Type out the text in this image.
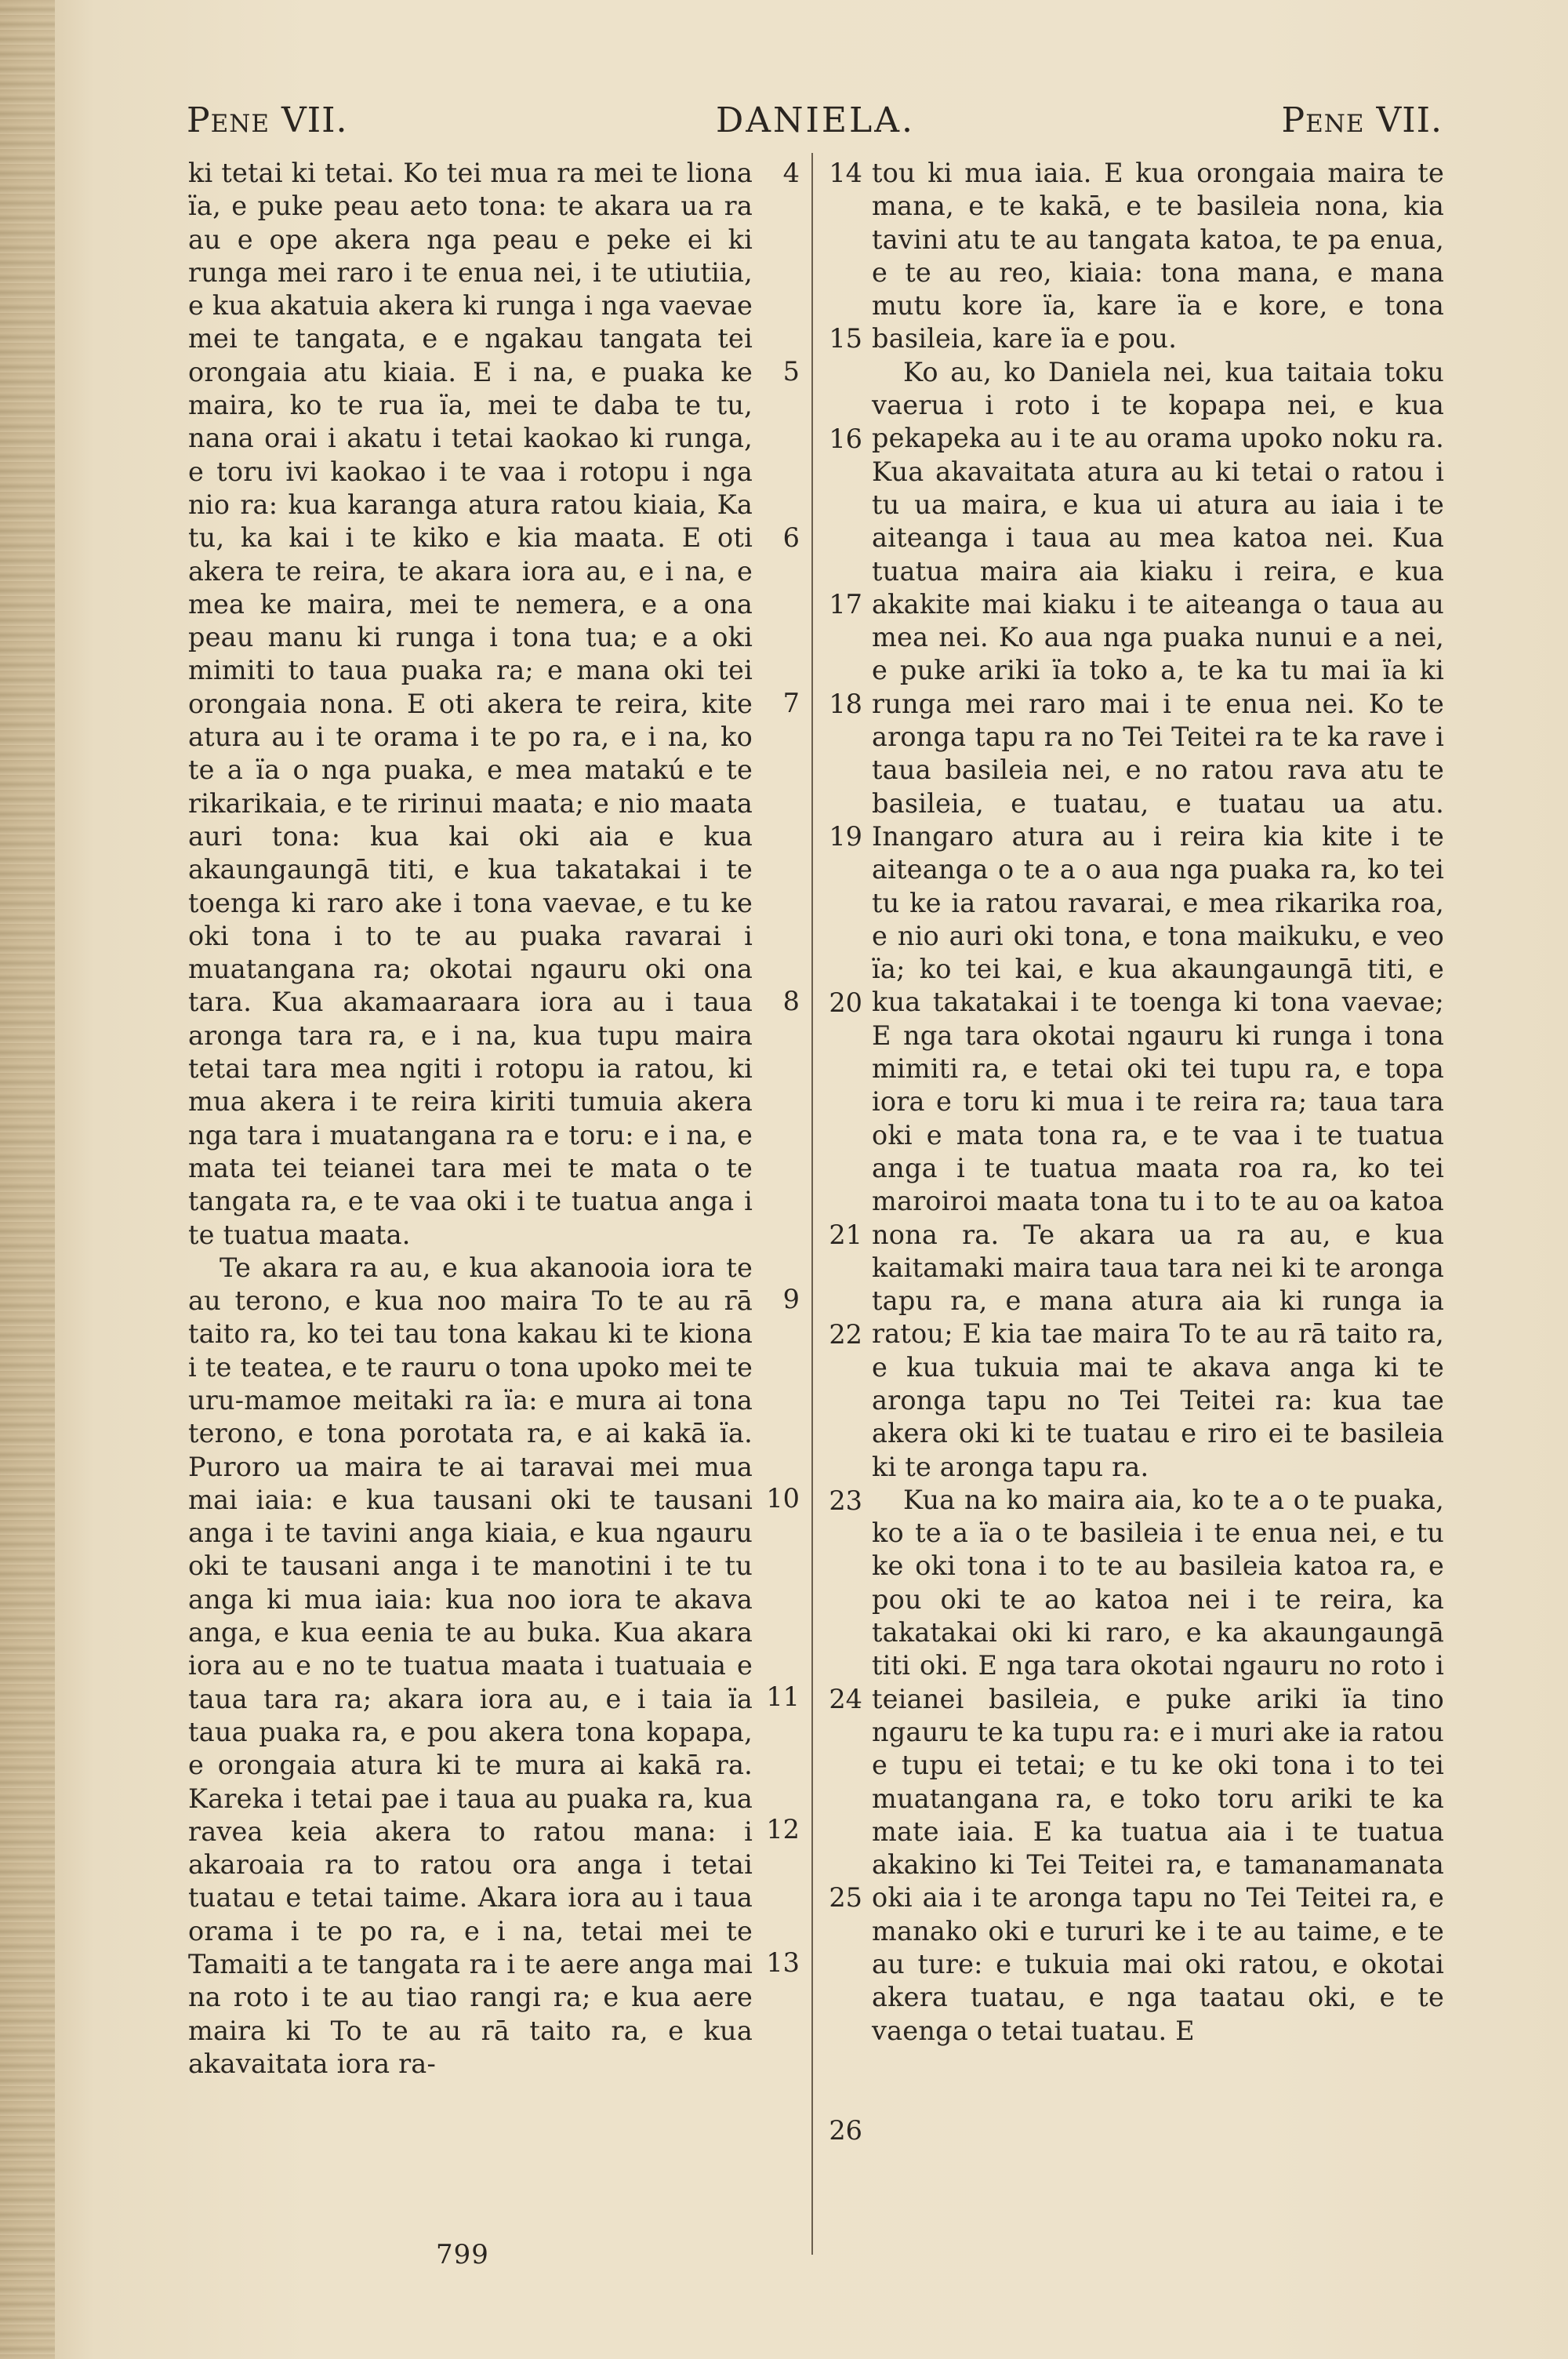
Pene VII.	DANIELA.	Pene VII.

ki tetai ki tetai. Ko tei mua ra mei te liona ïa, e puke peau aeto tona: te akara ua ra au e ope akera nga peau e peke ei ki runga mei raro i te enua nei, i te utiutiia, e kua akatuia akera ki runga i nga vaevae mei te tangata, e e ngakau tangata tei orongaia atu kiaia. E i na, e puaka ke maira, ko te rua ïa, mei te daba te tu, nana orai i akatu i tetai kaokao ki runga, e toru ivi kaokao i te vaa i rotopu i nga nio ra: kua karanga atura ratou kiaia, Ka tu, ka kai i te kiko e kia maata. E oti akera te reira, te akara iora au, e i na, e mea ke maira, mei te nemera, e a ona peau manu ki runga i tona tua; e a oki mimiti to taua puaka ra; e mana oki tei orongaia nona. E oti akera te reira, kite atura au i te orama i te po ra, e i na, ko te a ïa o nga puaka, e mea matakú e te rikarikaia, e te ririnui maata; e nio maata auri tona: kua kai oki aia e kua akaungaungā titi, e kua takatakai i te toenga ki raro ake i tona vaevae, e tu ke oki tona i to te au puaka ravarai i muatangana ra; okotai ngauru oki ona tara. Kua akamaaraara iora au i taua aronga tara ra, e i na, kua tupu maira tetai tara mea ngiti i rotopu ia ratou, ki mua akera i te reira kiriti tumuia akera nga tara i muatangana ra e toru: e i na, e mata tei teianei tara mei te mata o te tangata ra, e te vaa oki i te tuatua anga i te tuatua maata.

Te akara ra au, e kua akanooia iora te au terono, e kua noo maira To te au rā taito ra, ko tei tau tona kakau ki te kiona i te teatea, e te rauru o tona upoko mei te uru-mamoe meitaki ra ïa: e mura ai tona terono, e tona porotata ra, e ai kakā ïa. Puroro ua maira te ai taravai mei mua mai iaia: e kua tausani oki te tausani anga i te tavini anga kiaia, e kua ngauru oki te tausani anga i te manotini i te tu anga ki mua iaia: kua noo iora te akava anga, e kua eenia te au buka. Kua akara iora au e no te tuatua maata i tuatuaia e taua tara ra; akara iora au, e i taia ïa taua puaka ra, e pou akera tona kopapa, e orongaia atura ki te mura ai kakā ra. Kareka i tetai pae i taua au puaka ra, kua ravea keia akera to ratou mana: i akaroaia ra to ratou ora anga i tetai tuatau e tetai taime. Akara iora au i taua orama i te po ra, e i na, tetai mei te Tamaiti a te tangata ra i te aere anga mai na roto i te au tiao rangi ra; e kua aere maira ki To te au rā taito ra, e kua akavaitata iora ra-

4
5
6
7
8
9
10
11
12
13
14
15
16
17
18
19
20
21
22
23
24
25
26

tou ki mua iaia. E kua orongaia maira te mana, e te kakā, e te basileia nona, kia tavini atu te au tangata katoa, te pa enua, e te au reo, kiaia: tona mana, e mana mutu kore ïa, kare ïa e kore, e tona basileia, kare ïa e pou.

Ko au, ko Daniela nei, kua taitaia toku vaerua i roto i te kopapa nei, e kua pekapeka au i te au orama upoko noku ra. Kua akavaitata atura au ki tetai o ratou i tu ua maira, e kua ui atura au iaia i te aiteanga i taua au mea katoa nei. Kua tuatua maira aia kiaku i reira, e kua akakite mai kiaku i te aiteanga o taua au mea nei. Ko aua nga puaka nunui e a nei, e puke ariki ïa toko a, te ka tu mai ïa ki runga mei raro mai i te enua nei. Ko te aronga tapu ra no Tei Teitei ra te ka rave i taua basileia nei, e no ratou rava atu te basileia, e tuatau, e tuatau ua atu. Inangaro atura au i reira kia kite i te aiteanga o te a o aua nga puaka ra, ko tei tu ke ia ratou ravarai, e mea rikarika roa, e nio auri oki tona, e tona maikuku, e veo ïa; ko tei kai, e kua akaungaungā titi, e kua takatakai i te toenga ki tona vaevae; E nga tara okotai ngauru ki runga i tona mimiti ra, e tetai oki tei tupu ra, e topa iora e toru ki mua i te reira ra; taua tara oki e mata tona ra, e te vaa i te tuatua anga i te tuatua maata roa ra, ko tei maroiroi maata tona tu i to te au oa katoa nona ra. Te akara ua ra au, e kua kaitamaki maira taua tara nei ki te aronga tapu ra, e mana atura aia ki runga ia ratou; E kia tae maira To te au rā taito ra, e kua tukuia mai te akava anga ki te aronga tapu no Tei Teitei ra: kua tae akera oki ki te tuatau e riro ei te basileia ki te aronga tapu ra.

Kua na ko maira aia, ko te a o te puaka, ko te a ïa o te basileia i te enua nei, e tu ke oki tona i to te au basileia katoa ra, e pou oki te ao katoa nei i te reira, ka takatakai oki ki raro, e ka akaungaungā titi oki. E nga tara okotai ngauru no roto i teianei basileia, e puke ariki ïa tino ngauru te ka tupu ra: e i muri ake ia ratou e tupu ei tetai; e tu ke oki tona i to tei muatangana ra, e toko toru ariki te ka mate iaia. E ka tuatua aia i te tuatua akakino ki Tei Teitei ra, e tamanamanata oki aia i te aronga tapu no Tei Teitei ra, e manako oki e tururi ke i te au taime, e te au ture: e tukuia mai oki ratou, e okotai akera tuatau, e nga taatau oki, e te vaenga o tetai tuatau. E

799
